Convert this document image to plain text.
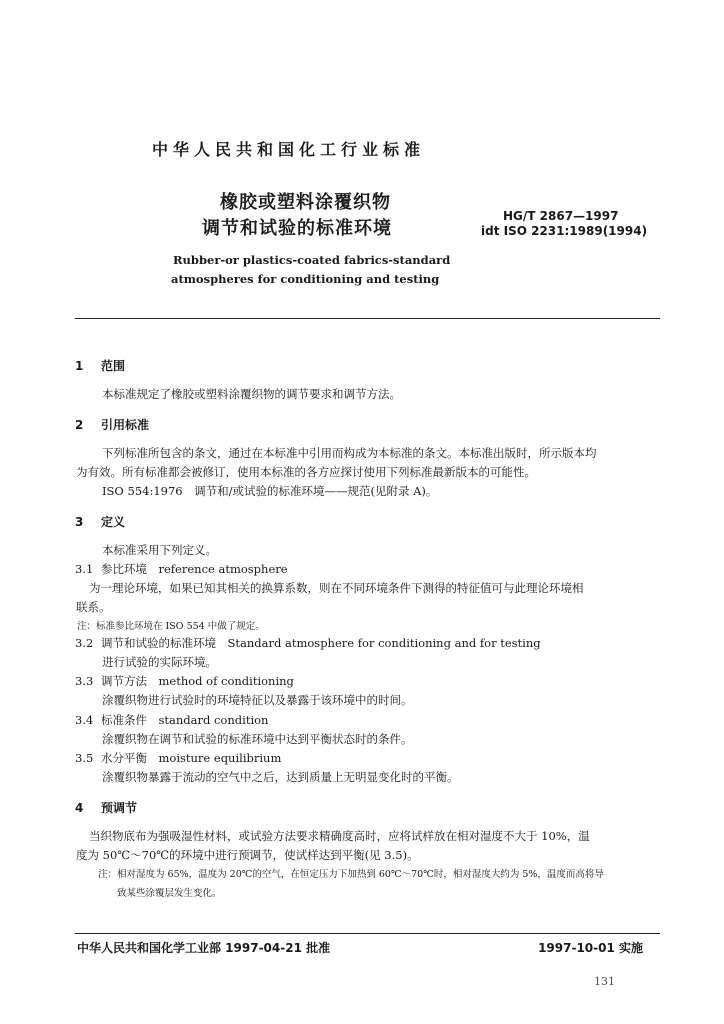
中华人民共和国化工行业标准
橡胶或塑料涂覆织物
调节和试验的标准环境
HG/T 2867—1997
idt ISO 2231:1989(1994)
Rubber-or plastics-coated fabrics-standard
atmospheres for conditioning and testing
1 范围
本标准规定了橡胶或塑料涂覆织物的调节要求和调节方法。
2 引用标准
下列标准所包含的条文，通过在本标准中引用而构成为本标准的条文。本标准出版时，所示版本均
为有效。所有标准都会被修订，使用本标准的各方应探讨使用下列标准最新版本的可能性。
ISO 554:1976　调节和/或试验的标准环境——规范(见附录 A)。
3 定义
本标准采用下列定义。
3.1 参比环境　reference atmosphere
为一理论环境，如果已知其相关的换算系数，则在不同环境条件下测得的特征值可与此理论环境相
联系。
注：标准参比环境在 ISO 554 中做了规定。
3.2 调节和试验的标准环境　Standard atmosphere for conditioning and for testing
进行试验的实际环境。
3.3 调节方法　method of conditioning
涂覆织物进行试验时的环境特征以及暴露于该环境中的时间。
3.4 标准条件　standard condition
涂覆织物在调节和试验的标准环境中达到平衡状态时的条件。
3.5 水分平衡　moisture equilibrium
涂覆织物暴露于流动的空气中之后，达到质量上无明显变化时的平衡。
4 预调节
当织物底布为强吸湿性材料，或试验方法要求精确度高时，应将试样放在相对湿度不大于 10%，温
度为 50℃～70℃的环境中进行预调节，使试样达到平衡(见 3.5)。
注：相对湿度为 65%，温度为 20℃的空气，在恒定压力下加热到 60℃～70℃时，相对湿度大约为 5%，温度而高将导
致某些涂覆层发生变化。
中华人民共和国化学工业部 1997-04-21 批准	1997-10-01 实施
131
